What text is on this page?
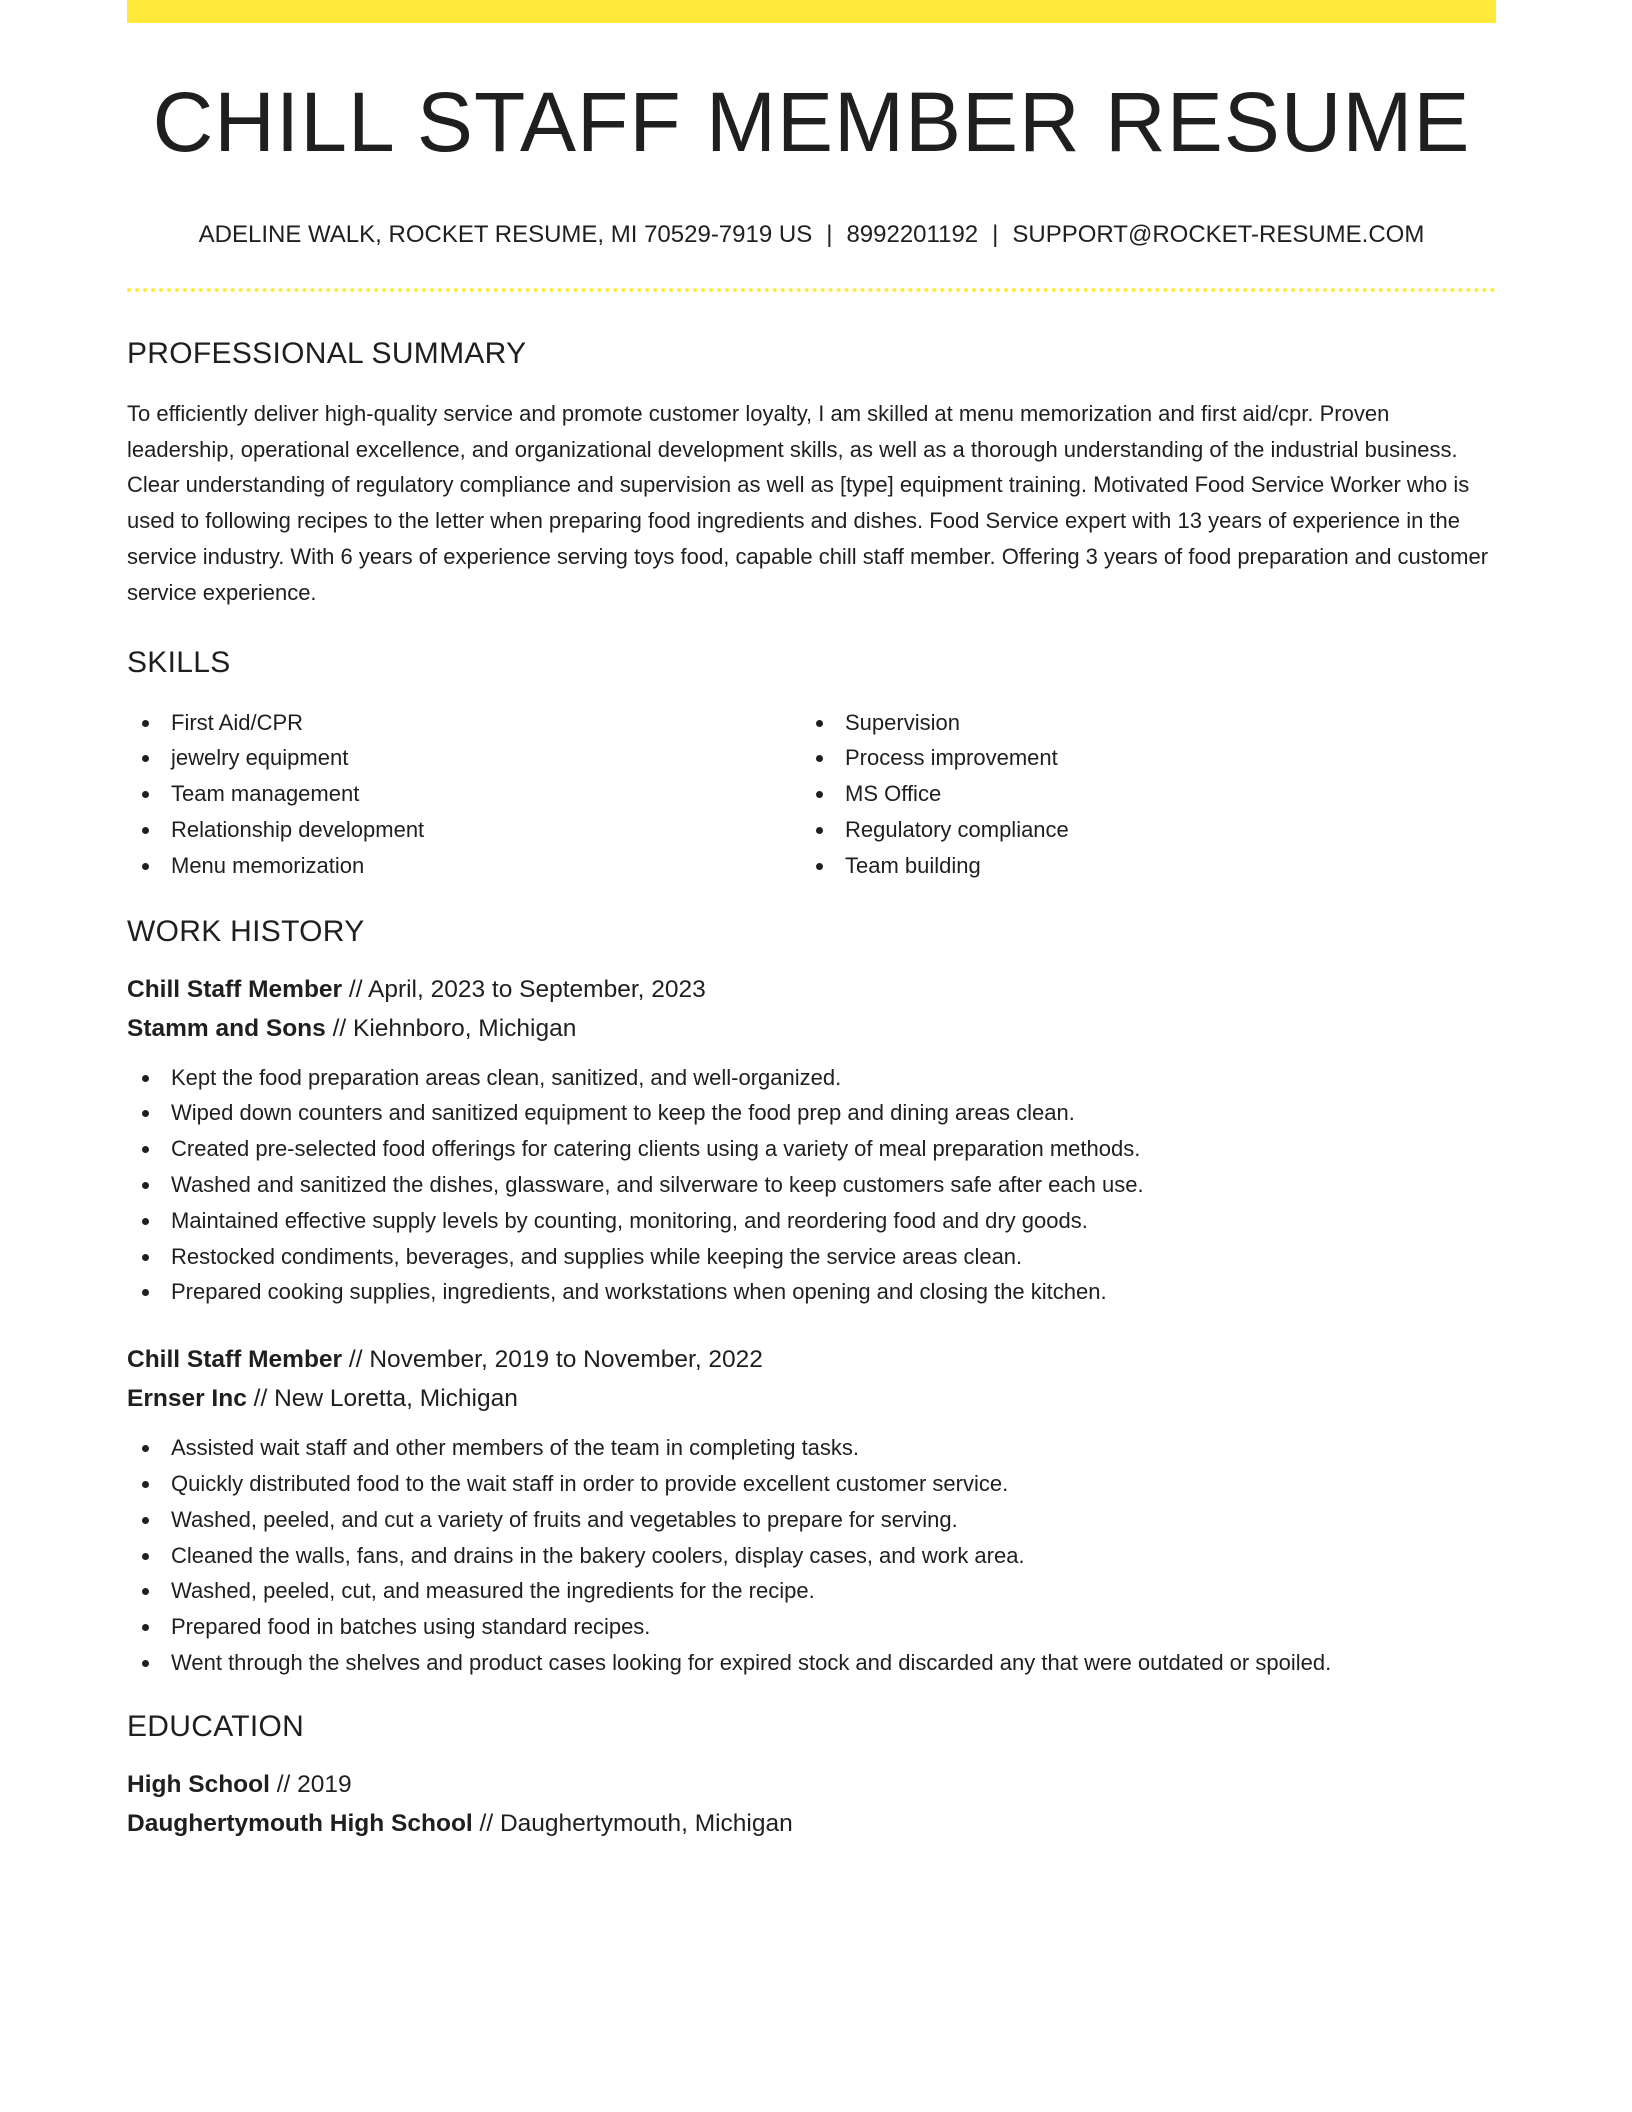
CHILL STAFF MEMBER RESUME
ADELINE WALK, ROCKET RESUME, MI 70529-7919 US | 8992201192 | SUPPORT@ROCKET-RESUME.COM
PROFESSIONAL SUMMARY

To efficiently deliver high-quality service and promote customer loyalty, I am skilled at menu memorization and first aid/cpr. Proven leadership, operational excellence, and organizational development skills, as well as a thorough understanding of the industrial business. Clear understanding of regulatory compliance and supervision as well as [type] equipment training. Motivated Food Service Worker who is used to following recipes to the letter when preparing food ingredients and dishes. Food Service expert with 13 years of experience in the service industry. With 6 years of experience serving toys food, capable chill staff member. Offering 3 years of food preparation and customer service experience.

SKILLS
First Aid/CPR
jewelry equipment
Team management
Relationship development
Menu memorization
Supervision
Process improvement
MS Office
Regulatory compliance
Team building
WORK HISTORY
Chill Staff Member // April, 2023 to September, 2023
Stamm and Sons // Kiehnboro, Michigan
Kept the food preparation areas clean, sanitized, and well-organized.
Wiped down counters and sanitized equipment to keep the food prep and dining areas clean.
Created pre-selected food offerings for catering clients using a variety of meal preparation methods.
Washed and sanitized the dishes, glassware, and silverware to keep customers safe after each use.
Maintained effective supply levels by counting, monitoring, and reordering food and dry goods.
Restocked condiments, beverages, and supplies while keeping the service areas clean.
Prepared cooking supplies, ingredients, and workstations when opening and closing the kitchen.
Chill Staff Member // November, 2019 to November, 2022
Ernser Inc // New Loretta, Michigan
Assisted wait staff and other members of the team in completing tasks.
Quickly distributed food to the wait staff in order to provide excellent customer service.
Washed, peeled, and cut a variety of fruits and vegetables to prepare for serving.
Cleaned the walls, fans, and drains in the bakery coolers, display cases, and work area.
Washed, peeled, cut, and measured the ingredients for the recipe.
Prepared food in batches using standard recipes.
Went through the shelves and product cases looking for expired stock and discarded any that were outdated or spoiled.
EDUCATION
High School // 2019
Daughertymouth High School // Daughertymouth, Michigan
